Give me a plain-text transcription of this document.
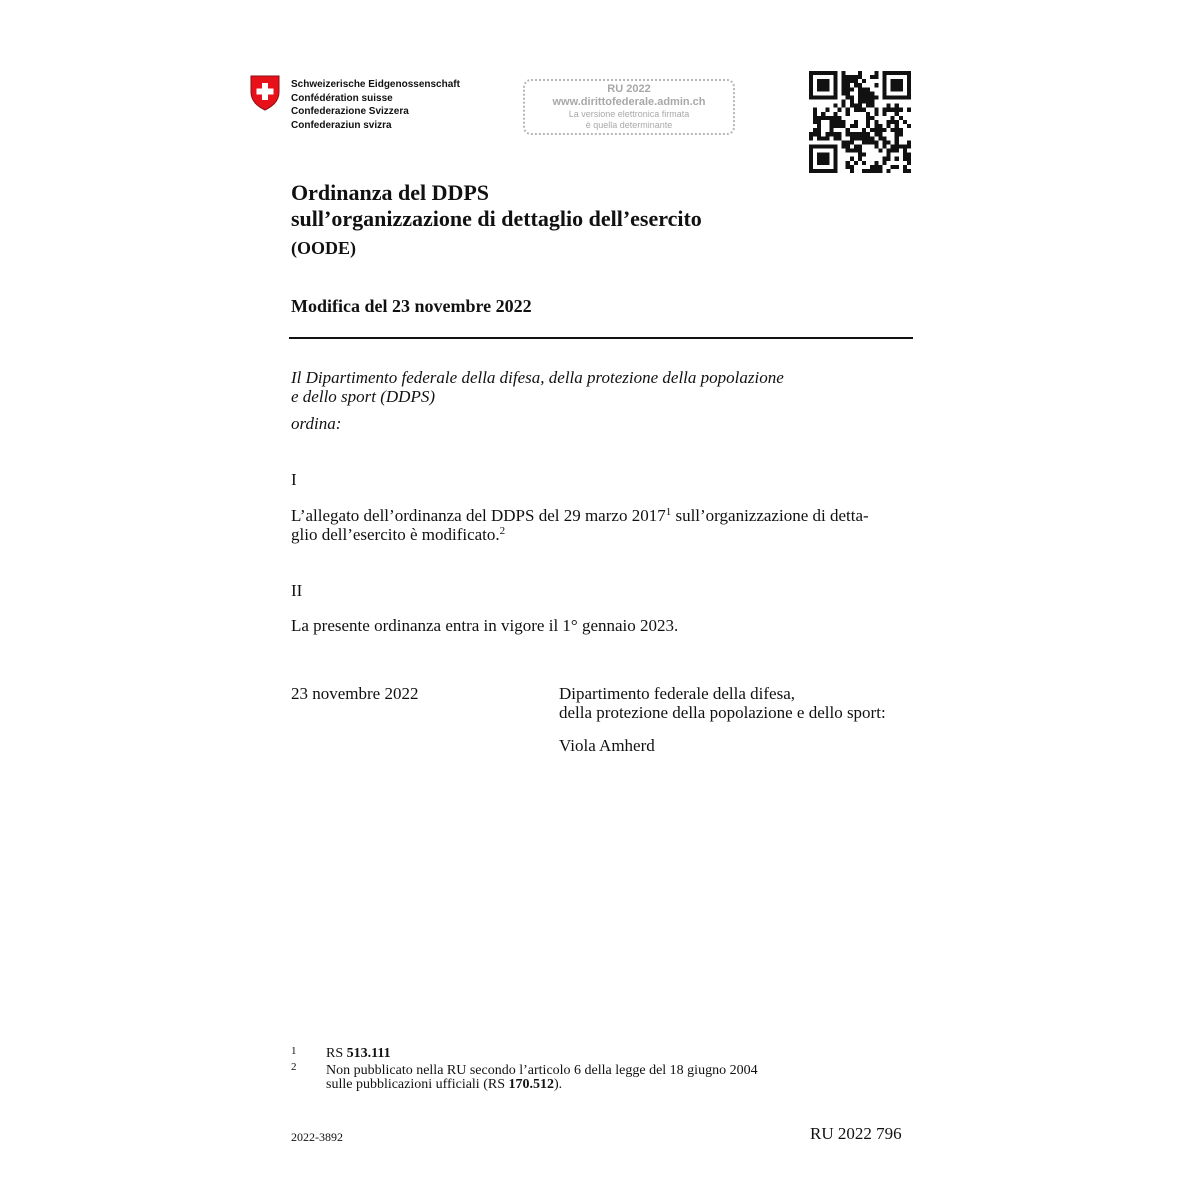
Schweizerische Eidgenossenschaft
Confédération suisse
Confederazione Svizzera
Confederaziun svizra
RU 2022
www.dirittofederale.admin.ch
La versione elettronica firmata
è quella determinante
Ordinanza del DDPS
sull’organizzazione di dettaglio dell’esercito
(OODE)
Modifica del 23 novembre 2022
Il Dipartimento federale della difesa, della protezione della popolazione
e dello sport (DDPS)
ordina:
I
L’allegato dell’ordinanza del DDPS del 29 marzo 2017$^1$ sull’organizzazione di detta-
glio dell’esercito è modificato.$^2$
II
La presente ordinanza entra in vigore il 1° gennaio 2023.
23 novembre 2022	Dipartimento federale della difesa,
della protezione della popolazione e dello sport:
Viola Amherd
1 RS 513.111
2 Non pubblicato nella RU secondo l’articolo 6 della legge del 18 giugno 2004
sulle pubblicazioni ufficiali (RS 170.512).
2022-3892	RU 2022 796
